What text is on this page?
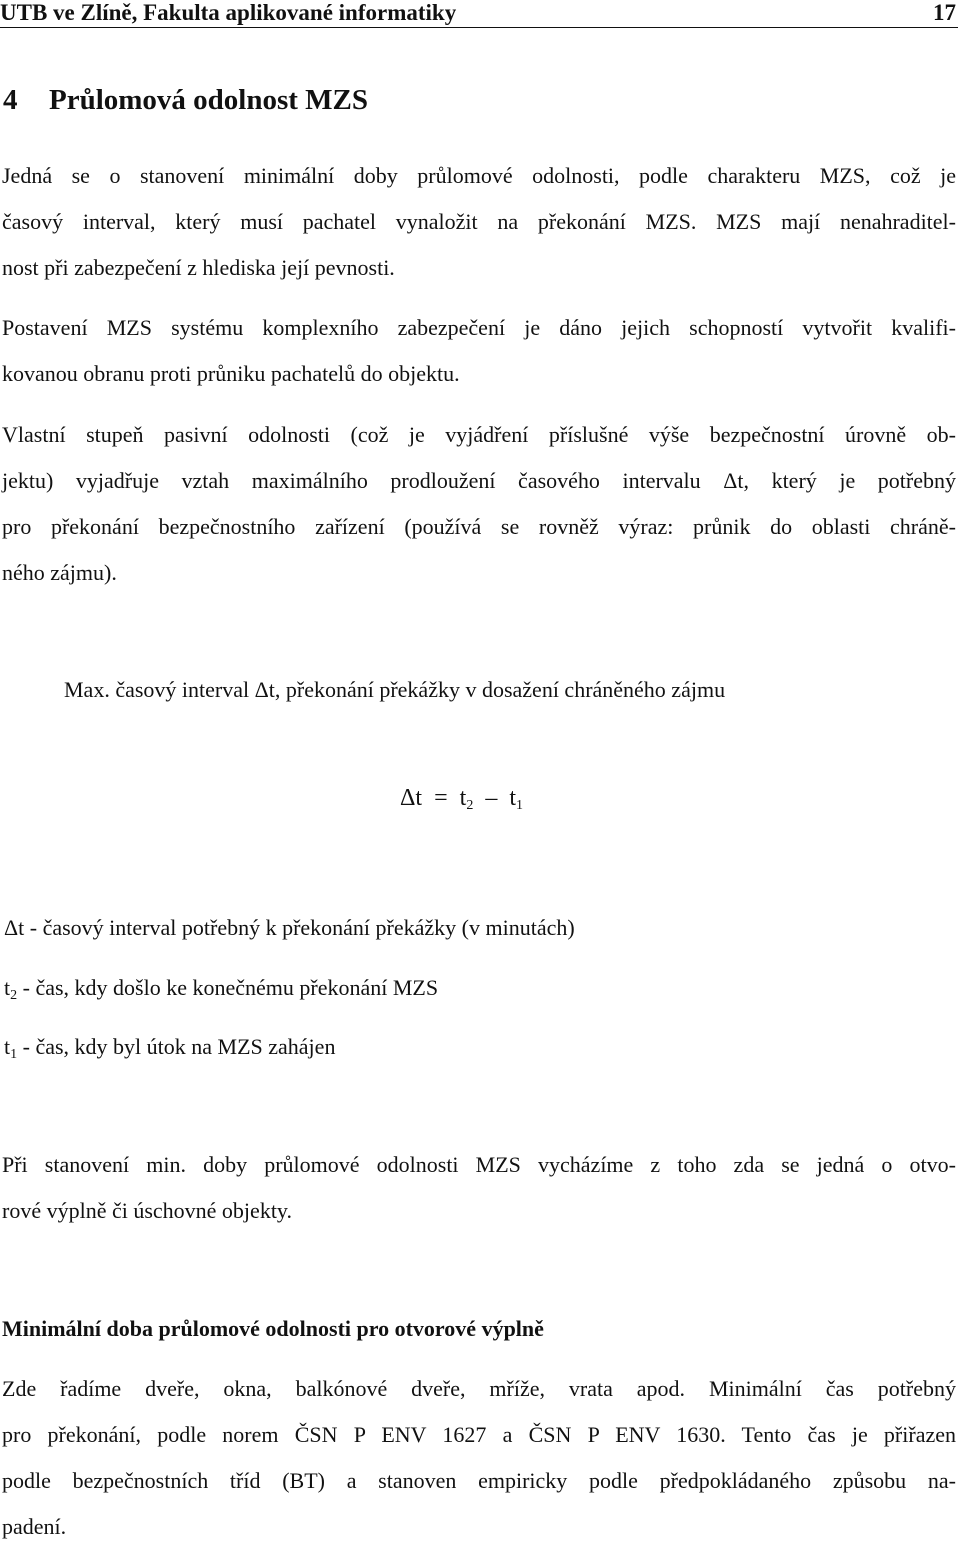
UTB ve Zlíně, Fakulta aplikované informatiky	17
4 Průlomová odolnost MZS
Jedná se o stanovení minimální doby průlomové odolnosti, podle charakteru MZS, což je
časový interval, který musí pachatel vynaložit na překonání MZS. MZS mají nenahraditel-
nost při zabezpečení z hlediska její pevnosti.
Postavení MZS systému komplexního zabezpečení je dáno jejich schopností vytvořit kvalifi-
kovanou obranu proti průniku pachatelů do objektu.
Vlastní stupeň pasivní odolnosti (což je vyjádření příslušné výše bezpečnostní úrovně ob-
jektu) vyjadřuje vztah maximálního prodloužení časového intervalu Δt, který je potřebný
pro překonání bezpečnostního zařízení (používá se rovněž výraz: průnik do oblasti chráně-
ného zájmu).
Max. časový interval Δt, překonání překážky v dosažení chráněného zájmu
$\Delta t = t_2 - t_1$
Δt - časový interval potřebný k překonání překážky (v minutách)
$t_2$ - čas, kdy došlo ke konečnému překonání MZS
$t_1$ - čas, kdy byl útok na MZS zahájen
Při stanovení min. doby průlomové odolnosti MZS vycházíme z toho zda se jedná o otvo-
rové výplně či úschovné objekty.
Minimální doba průlomové odolnosti pro otvorové výplně
Zde řadíme dveře, okna, balkónové dveře, mříže, vrata apod. Minimální čas potřebný
pro překonání, podle norem ČSN P ENV 1627 a ČSN P ENV 1630. Tento čas je přiřazen
podle bezpečnostních tříd (BT) a stanoven empiricky podle předpokládaného způsobu na-
padení.
